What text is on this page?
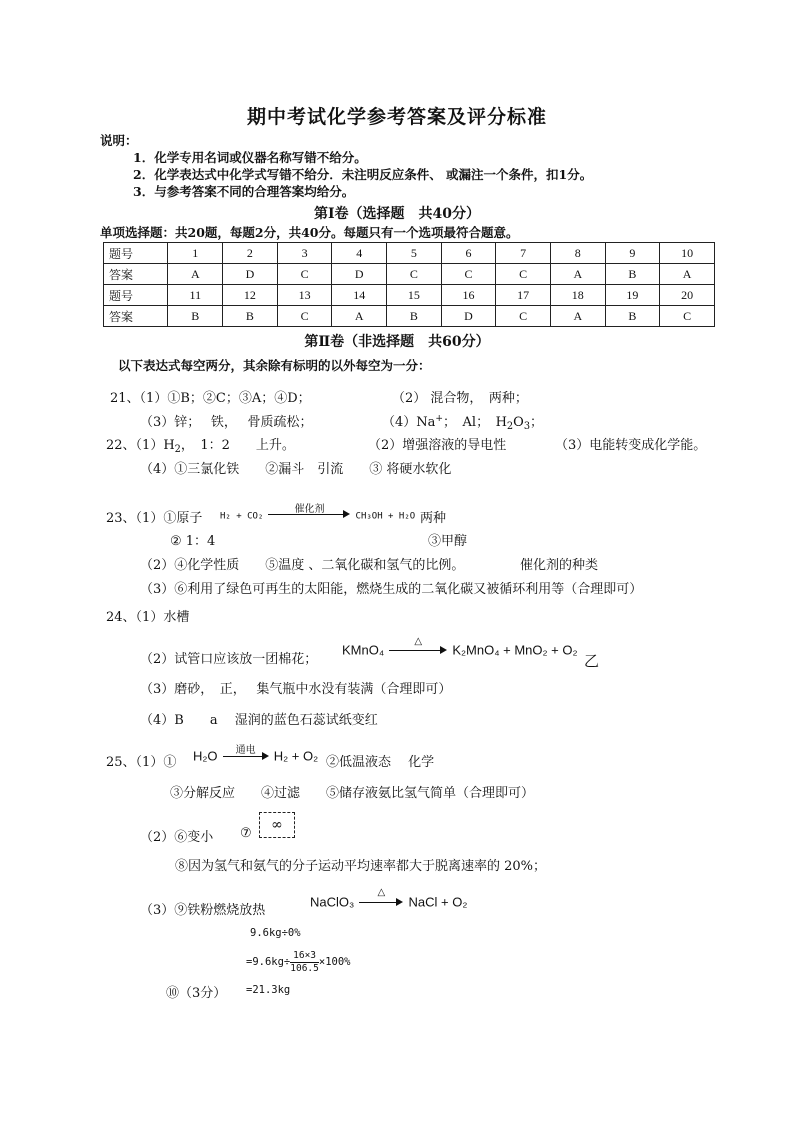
期中考试化学参考答案及评分标准
说明：
1．化学专用名词或仪器名称写错不给分。
2．化学表达式中化学式写错不给分．未注明反应条件、 或漏注一个条件，扣1分。
3．与参考答案不同的合理答案均给分。
第Ⅰ卷（选择题　共40分）
单项选择题：共20题，每题2分，共40分。每题只有一个选项最符合题意。
题号	1	2	3	4	5	6	7	8	9	10
答案	A	D	C	D	C	C	C	A	B	A
题号	11	12	13	14	15	16	17	18	19	20
答案	B	B	C	A	B	D	C	A	B	C
第Ⅱ卷（非选择题　共60分）
以下表达式每空两分，其余除有标明的以外每空为一分：
21、（1）①B；②C；③A；④D；	（2） 混合物，　两种；
（3）锌；　 铁，　 骨质疏松；	（4）Na+；　Al；　$H_2O_3$；
22、$(1)H_2$，　1：2　　上升。	（2）增强溶液的导电性	（3）电能转变成化学能。
（4）①三氯化铁　　②漏斗　引流　　③ 将硬水软化
23、（1）①原子 H₂ + CO₂
催化剂
CH₃OH + H₂O 两种
② 1：4	③甲醇
（2）④化学性质　　⑤温度 、二氧化碳和氢气的比例。	催化剂的种类
（3）⑥利用了绿色可再生的太阳能，燃烧生成的二氧化碳又被循环利用等（合理即可）
24、（1）水槽
（2）试管口应该放一团棉花；
KMnO₄
△
K₂MnO₄ + MnO₂ + O₂
乙
（3）磨砂，　正，　 集气瓶中水没有装满（合理即可）
（4）B　　a　 湿润的蓝色石蕊试纸变红
25、（1）① H₂O	通电	H₂ + O₂ ②低温液态　 化学
③分解反应　　④过滤　　⑤储存液氨比氢气简单（合理即可）
（2）⑥变小 ⑦
∞
⑧因为氢气和氨气的分子运动平均速率都大于脱离速率的 20%；
（3）⑨铁粉燃烧放热
NaClO₃
△
NaCl + O₂
9.6kg÷0%
$=9.6kg\div \frac{16\times 3}{106.5} \times 100\%$
⑩（3分） =21.3kg
